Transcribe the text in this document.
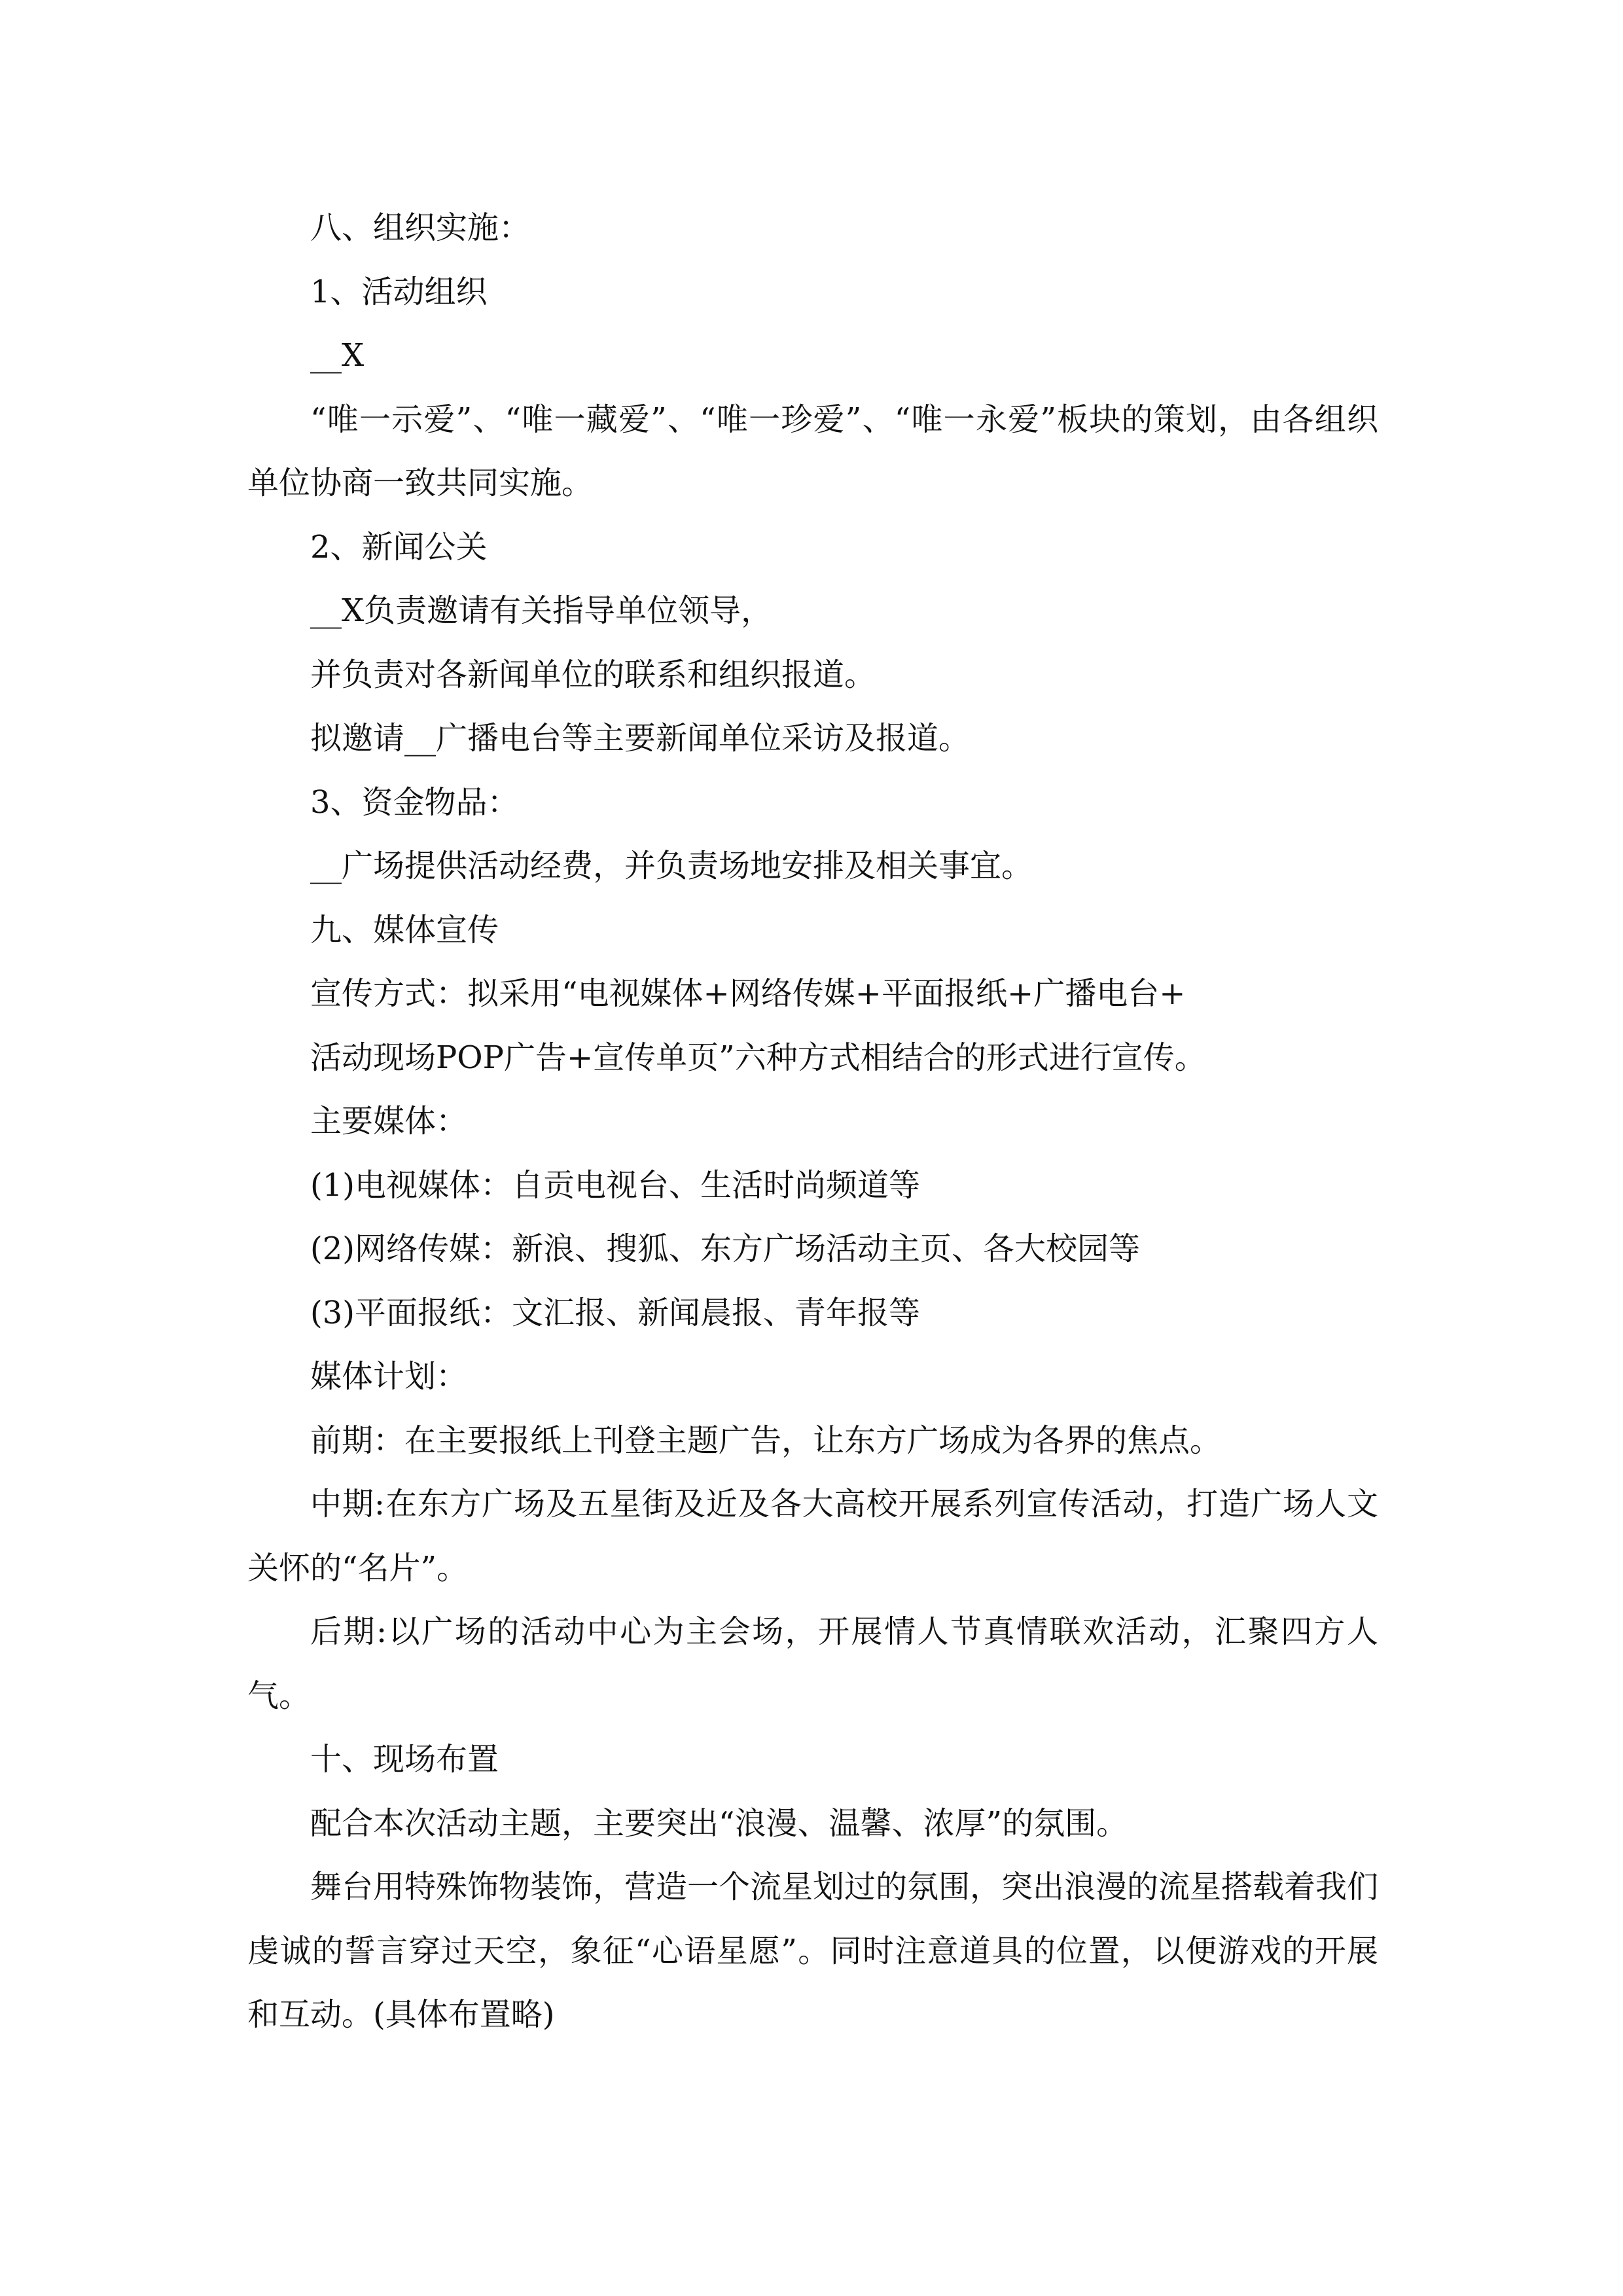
八、组织实施：

1、活动组织

__X

“唯一示爱”、“唯一藏爱”、“唯一珍爱”、“唯一永爱”板块的策划，由各组织单位协商一致共同实施。

2、新闻公关

__X负责邀请有关指导单位领导，

并负责对各新闻单位的联系和组织报道。

拟邀请__广播电台等主要新闻单位采访及报道。

3、资金物品：

__广场提供活动经费，并负责场地安排及相关事宜。

九、媒体宣传

宣传方式：拟采用“电视媒体+网络传媒+平面报纸+广播电台+

活动现场POP广告+宣传单页”六种方式相结合的形式进行宣传。

主要媒体：

(1)电视媒体：自贡电视台、生活时尚频道等

(2)网络传媒：新浪、搜狐、东方广场活动主页、各大校园等

(3)平面报纸：文汇报、新闻晨报、青年报等

媒体计划：

前期：在主要报纸上刊登主题广告，让东方广场成为各界的焦点。

中期:在东方广场及五星街及近及各大高校开展系列宣传活动，打造广场人文关怀的“名片”。

后期:以广场的活动中心为主会场，开展情人节真情联欢活动，汇聚四方人气。

十、现场布置

配合本次活动主题，主要突出“浪漫、温馨、浓厚”的氛围。

舞台用特殊饰物装饰，营造一个流星划过的氛围，突出浪漫的流星搭载着我们虔诚的誓言穿过天空，象征“心语星愿”。同时注意道具的位置，以便游戏的开展和互动。(具体布置略)
